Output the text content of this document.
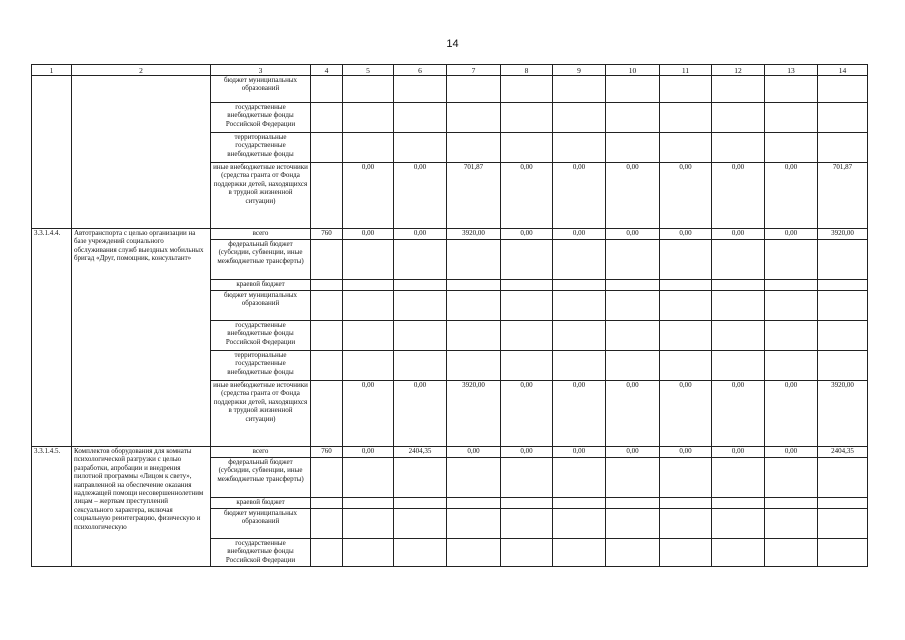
14
1	2	3	4	5	6	7	8	9	10	11	12	13	14
		бюджет муниципальных образований											
		государственные внебюджетные фонды Российской Федерации											
		территориальные государственные внебюджетные фонды											
		иные внебюджетные источники (средства гранта от Фонда поддержки детей, находящихся в трудной жизненной ситуации)		0,00	0,00	701,87	0,00	0,00	0,00	0,00	0,00	0,00	701,87
3.3.1.4.4.	Автотранспорта с целью организации на базе учреждений социального обслуживания служб выездных мобильных бригад «Друг, помощник, консультант»	всего	760	0,00	0,00	3920,00	0,00	0,00	0,00	0,00	0,00	0,00	3920,00
		федеральный бюджет (субсидии, субвенции, иные межбюджетные трансферты)											
		краевой бюджет											
		бюджет муниципальных образований											
		государственные внебюджетные фонды Российской Федерации											
		территориальные государственные внебюджетные фонды											
		иные внебюджетные источники (средства гранта от Фонда поддержки детей, находящихся в трудной жизненной ситуации)		0,00	0,00	3920,00	0,00	0,00	0,00	0,00	0,00	0,00	3920,00
3.3.1.4.5.	Комплектов оборудования для комнаты психологической разгрузки с целью разработки, апробации и внедрения пилотной программы «Лицом к свету», направленной на обеспечение оказания надлежащей помощи несовершеннолетним лицам – жертвам преступлений сексуального характера, включая социальную реинтеграцию, физическую и психологическую	всего	760	0,00	2404,35	0,00	0,00	0,00	0,00	0,00	0,00	0,00	2404,35
		федеральный бюджет (субсидии, субвенции, иные межбюджетные трансферты)											
		краевой бюджет											
		бюджет муниципальных образований											
		государственные внебюджетные фонды Российской Федерации											
